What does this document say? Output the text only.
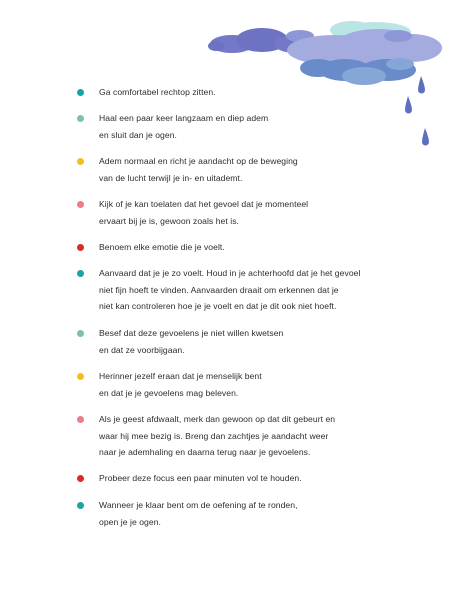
Ga comfortabel rechtop zitten.
Haal een paar keer langzaam en diep adem
en sluit dan je ogen.
Adem normaal en richt je aandacht op de beweging
van de lucht terwijl je in- en uitademt.
Kijk of je kan toelaten dat het gevoel dat je momenteel
ervaart bij je is, gewoon zoals het is.
Benoem elke emotie die je voelt.
Aanvaard dat je je zo voelt. Houd in je achterhoofd dat je het gevoel
niet fijn hoeft te vinden. Aanvaarden draait om erkennen dat je
niet kan controleren hoe je je voelt en dat je dit ook niet hoeft.
Besef dat deze gevoelens je niet willen kwetsen
en dat ze voorbijgaan.
Herinner jezelf eraan dat je menselijk bent
en dat je je gevoelens mag beleven.
Als je geest afdwaalt, merk dan gewoon op dat dit gebeurt en
waar hij mee bezig is. Breng dan zachtjes je aandacht weer
naar je ademhaling en daarna terug naar je gevoelens.
Probeer deze focus een paar minuten vol te houden.
Wanneer je klaar bent om de oefening af te ronden,
open je je ogen.
